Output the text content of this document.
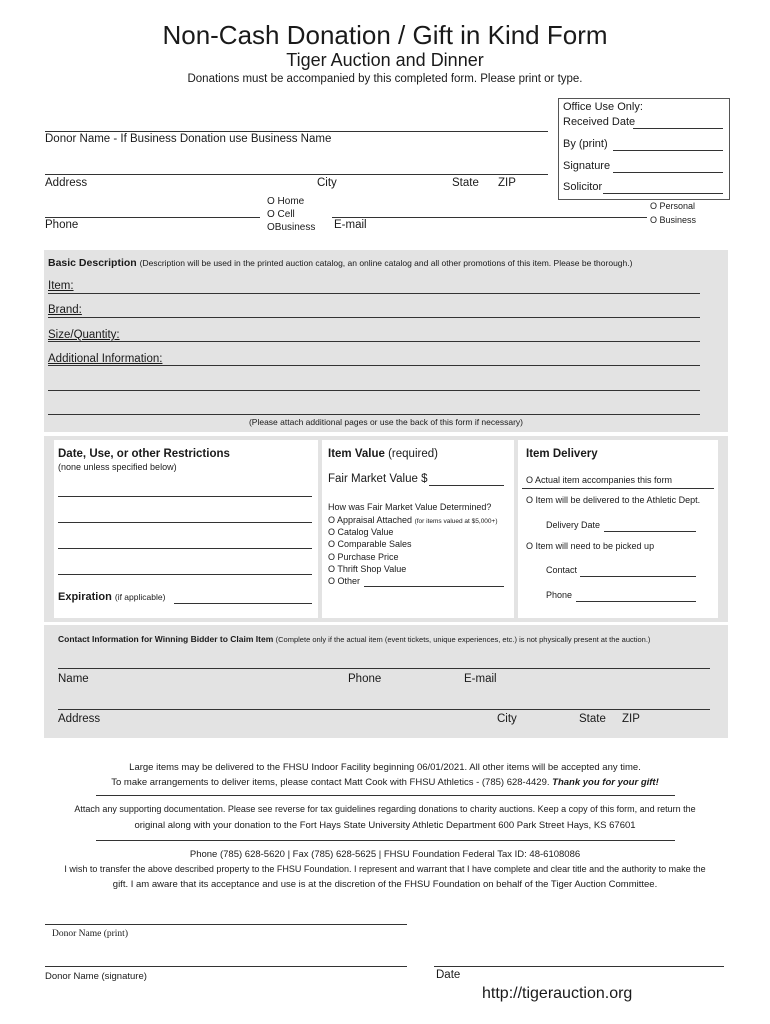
Non-Cash Donation / Gift in Kind Form
Tiger Auction and Dinner
Donations must be accompanied by this completed form. Please print or type.
Office Use Only:
Received Date
By (print)
Signature
Solicitor
Donor Name - If Business Donation use Business Name
Address	City	State ZIP
Phone
O Home
O Cell
OBusiness E-mail
O Personal
O Business
Basic Description (Description will be used in the printed auction catalog, an online catalog and all other promotions of this item. Please be thorough.)
Item:
Brand:
Size/Quantity:
Additional Information:
(Please attach additional pages or use the back of this form if necessary)
Date, Use, or other Restrictions
(none unless specified below)
Expiration (if applicable)
Item Value (required)
Fair Market Value $
How was Fair Market Value Determined?
O Appraisal Attached (for items valued at $5,000+)
O Catalog Value
O Comparable Sales
O Purchase Price
O Thrift Shop Value
O Other
Item Delivery
O Actual item accompanies this form
O Item will be delivered to the Athletic Dept.
Delivery Date
O Item will need to be picked up
Contact
Phone
Contact Information for Winning Bidder to Claim Item (Complete only if the actual item (event tickets, unique experiences, etc.) is not physically present at the auction.)
Name	Phone	E-mail
Address	City	State ZIP
Large items may be delivered to the FHSU Indoor Facility beginning 06/01/2021. All other items will be accepted any time.
To make arrangements to deliver items, please contact Matt Cook with FHSU Athletics - (785) 628-4429. Thank you for your gift!
Attach any supporting documentation. Please see reverse for tax guidelines regarding donations to charity auctions. Keep a copy of this form, and return the
original along with your donation to the Fort Hays State University Athletic Department 600 Park Street Hays, KS 67601
Phone (785) 628-5620 | Fax (785) 628-5625 | FHSU Foundation Federal Tax ID: 48-6108086
I wish to transfer the above described property to the FHSU Foundation. I represent and warrant that I have complete and clear title and the authority to make the
gift. I am aware that its acceptance and use is at the discretion of the FHSU Foundation on behalf of the Tiger Auction Committee.
Donor Name (print)
Donor Name (signature)	Date
http://tigerauction.org
